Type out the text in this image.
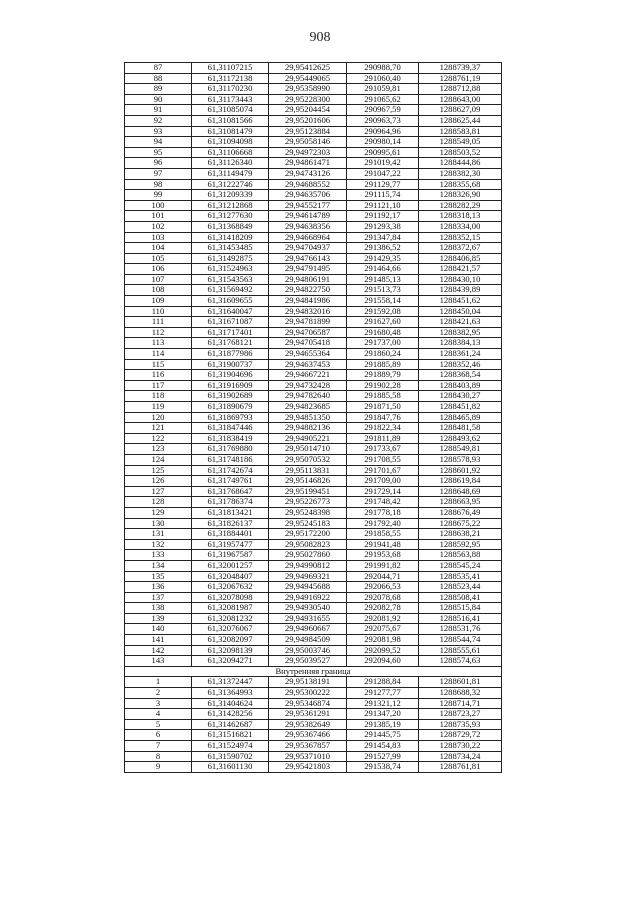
908
87	61,31107215	29,95412625	290988,70	1288739,37
88	61,31172138	29,95449065	291060,40	1288761,19
89	61,31170230	29,95358990	291059,81	1288712,88
90	61,31173443	29,95228300	291065,62	1288643,00
91	61,31085074	29,95204454	290967,59	1288627,09
92	61,31081566	29,95201606	290963,73	1288625,44
93	61,31081479	29,95123884	290964,96	1288583,81
94	61,31094098	29,95058146	290980,14	1288549,05
95	61,31106668	29,94972303	290995,61	1288503,52
96	61,31126340	29,94861471	291019,42	1288444,86
97	61,31149479	29,94743126	291047,22	1288382,30
98	61,31222746	29,94688552	291129,77	1288355,68
99	61,31209339	29,94635706	291115,74	1288326,90
100	61,31212868	29,94552177	291121,10	1288282,29
101	61,31277630	29,94614789	291192,17	1288318,13
102	61,31368849	29,94638356	291293,38	1288334,00
103	61,31418209	29,94668964	291347,84	1288352,15
104	61,31453485	29,94704937	291386,52	1288372,67
105	61,31492875	29,94766143	291429,35	1288406,85
106	61,31524963	29,94791495	291464,66	1288421,57
107	61,31543563	29,94806191	291485,13	1288430,10
108	61,31569492	29,94822750	291513,73	1288439,89
109	61,31609655	29,94841986	291558,14	1288451,62
110	61,31640047	29,94832016	291592,08	1288450,04
111	61,31671087	29,94781899	291627,60	1288421,63
112	61,31717401	29,94706587	291680,48	1288382,95
113	61,31768121	29,94705418	291737,00	1288384,13
114	61,31877986	29,94655364	291860,24	1288361,24
115	61,31900737	29,94637453	291885,89	1288352,46
116	61,31904696	29,94667221	291889,79	1288368,54
117	61,31916909	29,94732428	291902,28	1288403,89
118	61,31902689	29,94782640	291885,58	1288430,27
119	61,31890679	29,94823685	291871,50	1288451,82
120	61,31869793	29,94851350	291847,76	1288465,89
121	61,31847446	29,94882136	291822,34	1288481,58
122	61,31838419	29,94905221	291811,89	1288493,62
123	61,31769880	29,95014710	291733,67	1288549,81
124	61,31748186	29,95070532	291708,55	1288578,93
125	61,31742674	29,95113831	291701,67	1288601,92
126	61,31749761	29,95146826	291709,00	1288619,84
127	61,31768647	29,95199451	291729,14	1288648,69
128	61,31786374	29,95226773	291748,42	1288663,95
129	61,31813421	29,95248398	291778,18	1288676,49
130	61,31826137	29,95245183	291792,40	1288675,22
131	61,31884401	29,95172200	291858,55	1288638,21
132	61,31957477	29,95082823	291941,48	1288592,95
133	61,31967587	29,95027860	291953,68	1288563,88
134	61,32001257	29,94990812	291991,82	1288545,24
135	61,32048407	29,94969321	292044,71	1288535,41
136	61,32067632	29,94945688	292066,53	1288523,44
137	61,32078098	29,94916922	292078,68	1288508,41
138	61,32081987	29,94930540	292082,78	1288515,84
139	61,32081232	29,94931655	292081,92	1288516,41
140	61,32076067	29,94960667	292075,67	1288531,76
141	61,32082097	29,94984509	292081,98	1288544,74
142	61,32098139	29,95003746	292099,52	1288555,61
143	61,32094271	29,95039527	292094,60	1288574,63
Внутренняя граница				
1	61,31372447	29,95138191	291288,84	1288601,81
2	61,31364993	29,95300222	291277,77	1288688,32
3	61,31404624	29,95346874	291321,12	1288714,71
4	61,31428256	29,95361291	291347,20	1288723,27
5	61,31462687	29,95382649	291385,19	1288735,93
6	61,31516821	29,95367466	291445,75	1288729,72
7	61,31524974	29,95367857	291454,83	1288730,22
8	61,31590702	29,95371010	291527,99	1288734,24
9	61,31601130	29,95421803	291538,74	1288761,81
